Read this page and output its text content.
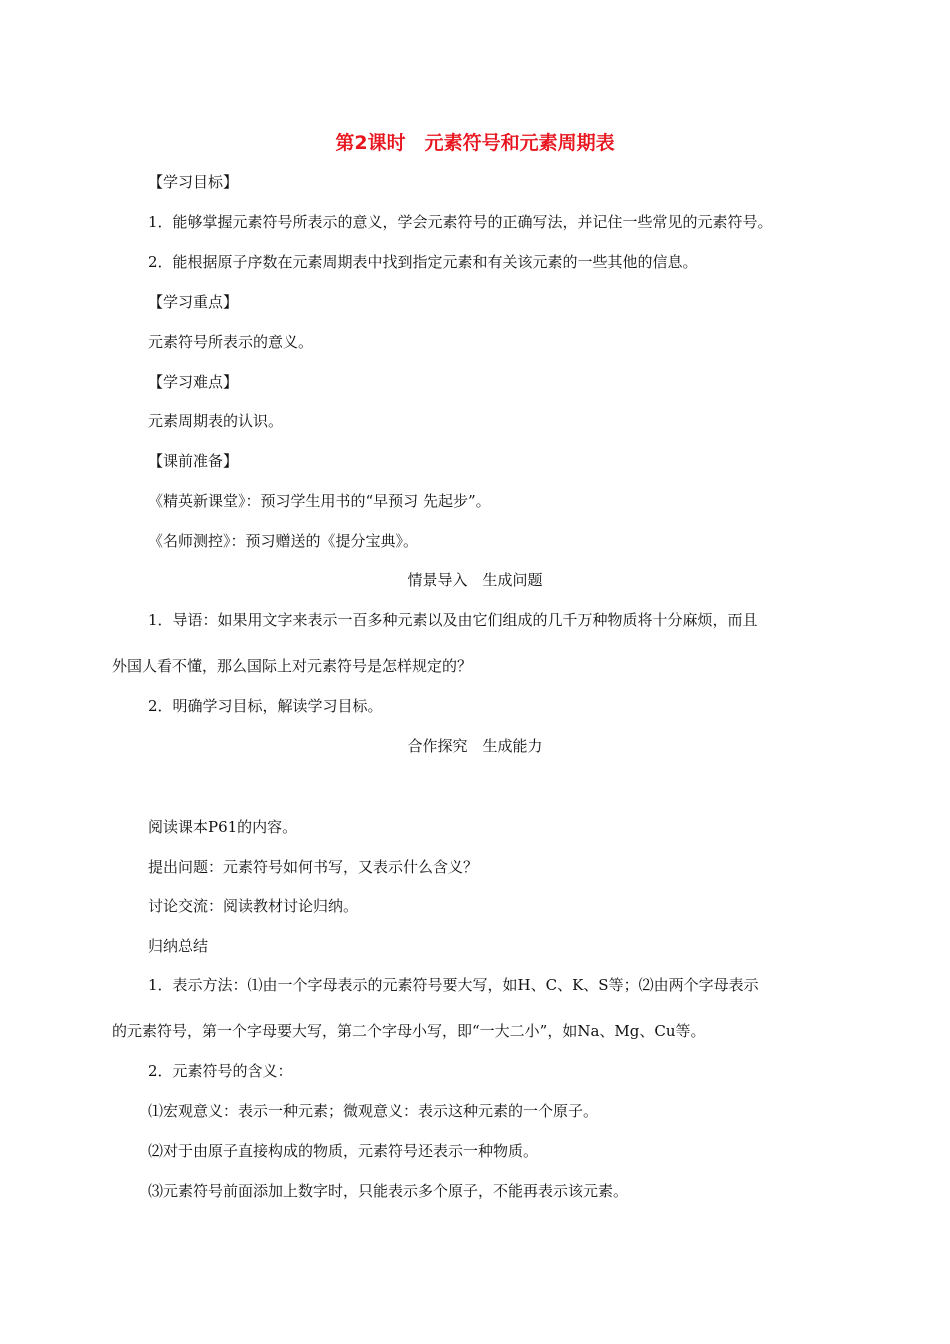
第2课时　元素符号和元素周期表
【学习目标】
1．能够掌握元素符号所表示的意义，学会元素符号的正确写法，并记住一些常见的元素符号。
2．能根据原子序数在元素周期表中找到指定元素和有关该元素的一些其他的信息。
【学习重点】
元素符号所表示的意义。
【学习难点】
元素周期表的认识。
【课前准备】
《精英新课堂》：预习学生用书的“早预习 先起步”。
《名师测控》：预习赠送的《提分宝典》。
情景导入　生成问题
1．导语：如果用文字来表示一百多种元素以及由它们组成的几千万种物质将十分麻烦，而且
外国人看不懂，那么国际上对元素符号是怎样规定的？
2．明确学习目标，解读学习目标。
合作探究　生成能力
阅读课本P61的内容。
提出问题：元素符号如何书写，又表示什么含义？
讨论交流：阅读教材讨论归纳。
归纳总结
1．表示方法：⑴由一个字母表示的元素符号要大写，如H、C、K、S等；⑵由两个字母表示
的元素符号，第一个字母要大写，第二个字母小写，即“一大二小”，如Na、Mg、Cu等。
2．元素符号的含义：
⑴宏观意义：表示一种元素；微观意义：表示这种元素的一个原子。
⑵对于由原子直接构成的物质，元素符号还表示一种物质。
⑶元素符号前面添加上数字时，只能表示多个原子，不能再表示该元素。
